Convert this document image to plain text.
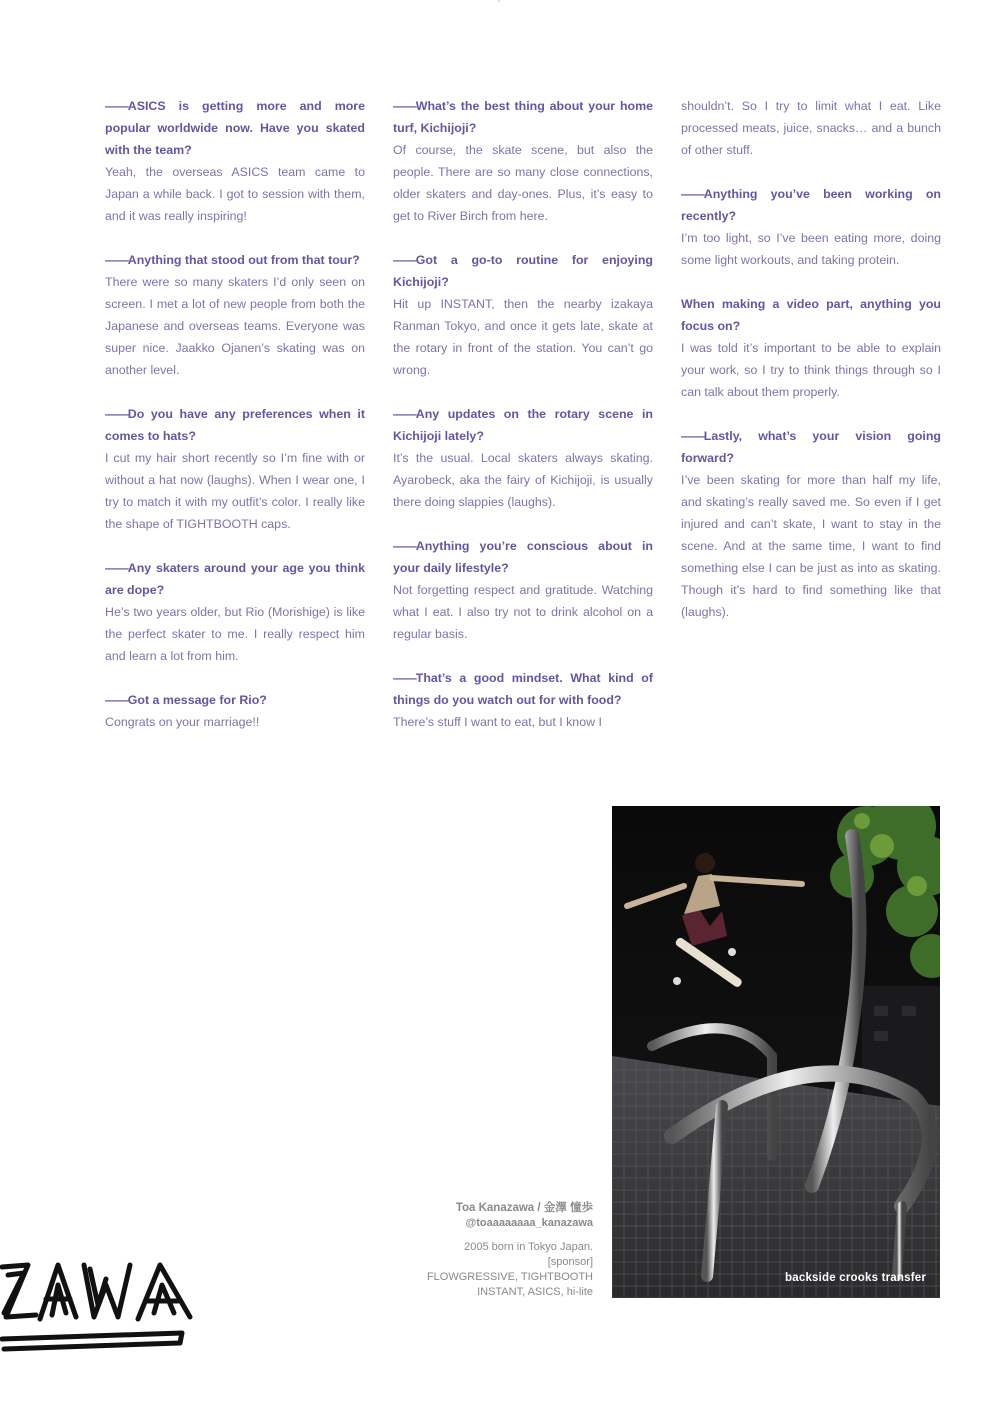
——ASICS is getting more and more popular worldwide now. Have you skated with the team?

Yeah, the overseas ASICS team came to Japan a while back. I got to session with them, and it was really inspiring!

——Anything that stood out from that tour?

There were so many skaters I’d only seen on screen. I met a lot of new people from both the Japanese and overseas teams. Everyone was super nice. Jaakko Ojanen’s skating was on another level.

——Do you have any preferences when it comes to hats?

I cut my hair short recently so I’m fine with or without a hat now (laughs). When I wear one, I try to match it with my outfit’s color. I really like the shape of TIGHTBOOTH caps.

——Any skaters around your age you think are dope?

He’s two years older, but Rio (Morishige) is like the perfect skater to me. I really respect him and learn a lot from him.

——Got a message for Rio?

Congrats on your marriage!!

——What’s the best thing about your home turf, Kichijoji?

Of course, the skate scene, but also the people. There are so many close connections, older skaters and day-ones. Plus, it’s easy to get to River Birch from here.

——Got a go-to routine for enjoying Kichijoji?

Hit up INSTANT, then the nearby izakaya Ranman Tokyo, and once it gets late, skate at the rotary in front of the station. You can’t go wrong.

——Any updates on the rotary scene in Kichijoji lately?

It’s the usual. Local skaters always skating. Ayarobeck, aka the fairy of Kichijoji, is usually there doing slappies (laughs).

——Anything you’re conscious about in your daily lifestyle?

Not forgetting respect and gratitude. Watching what I eat. I also try not to drink alcohol on a regular basis.

——That’s a good mindset. What kind of things do you watch out for with food?

There’s stuff I want to eat, but I know I

shouldn’t. So I try to limit what I eat. Like processed meats, juice, snacks… and a bunch of other stuff.

——Anything you’ve been working on recently?

I’m too light, so I’ve been eating more, doing some light workouts, and taking protein.

When making a video part, anything you focus on?

I was told it’s important to be able to explain your work, so I try to think things through so I can talk about them properly.

——Lastly, what’s your vision going forward?

I’ve been skating for more than half my life, and skating’s really saved me. So even if I get injured and can’t skate, I want to stay in the scene. And at the same time, I want to find something else I can be just as into as skating. Though it’s hard to find something like that (laughs).

backside crooks transfer
Toa Kanazawa / 金澤 憧歩
@toaaaaaaaa_kanazawa
2005 born in Tokyo Japan.
[sponsor]
FLOWGRESSIVE, TIGHTBOOTH
INSTANT, ASICS, hi-lite
